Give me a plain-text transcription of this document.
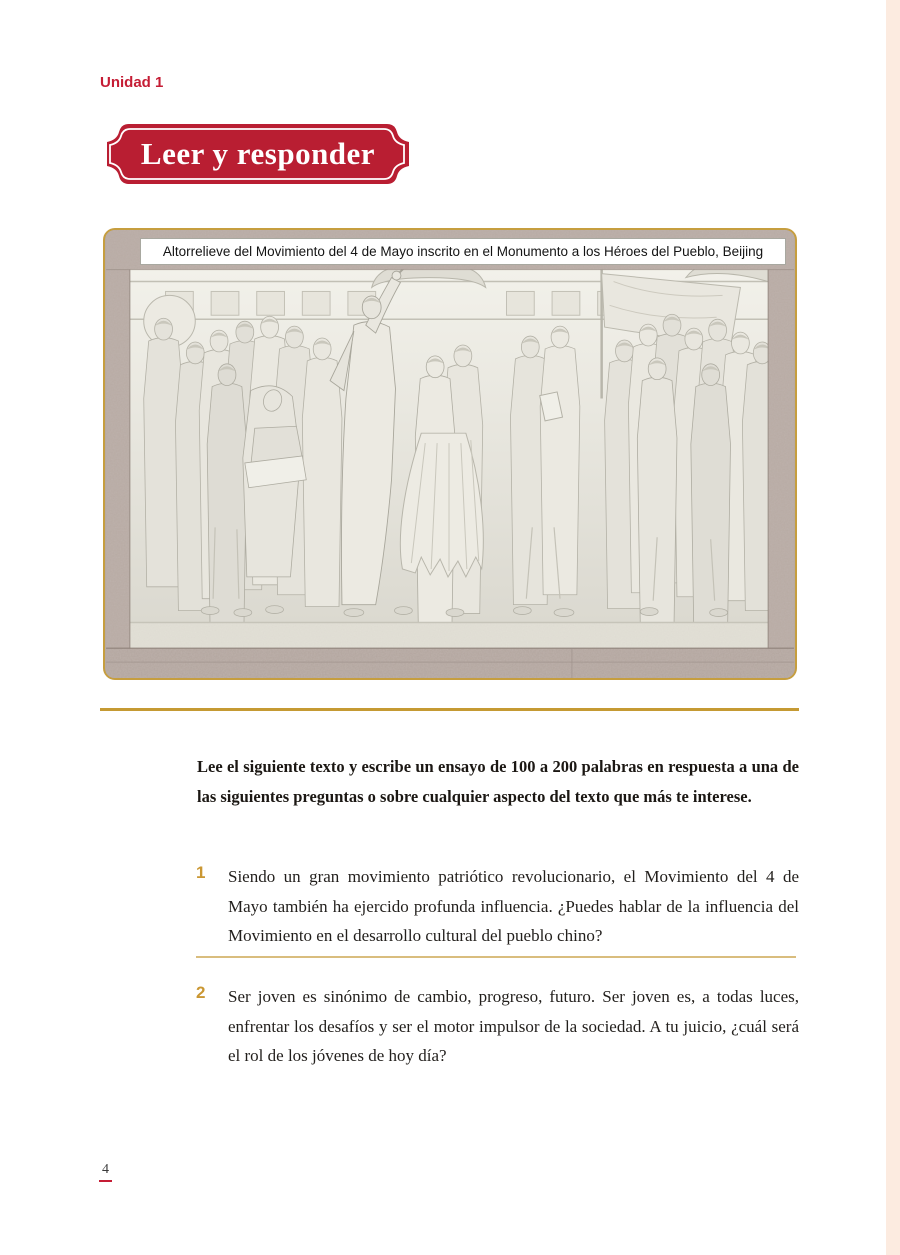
Unidad 1
Leer y responder
Altorrelieve del Movimiento del 4 de Mayo inscrito en el Monumento a los Héroes del Pueblo, Beijing

Lee el siguiente texto y escribe un ensayo de 100 a 200 palabras en respuesta a una de las siguientes preguntas o sobre cualquier aspecto del texto que más te interese.

1 Siendo un gran movimiento patriótico revolucionario, el Movimiento del 4 de Mayo también ha ejercido profunda influencia. ¿Puedes hablar de la influencia del Movimiento en el desarrollo cultural del pueblo chino?

2 Ser joven es sinónimo de cambio, progreso, futuro. Ser joven es, a todas luces, enfrentar los desafíos y ser el motor impulsor de la sociedad. A tu juicio, ¿cuál será el rol de los jóvenes de hoy día?

4
